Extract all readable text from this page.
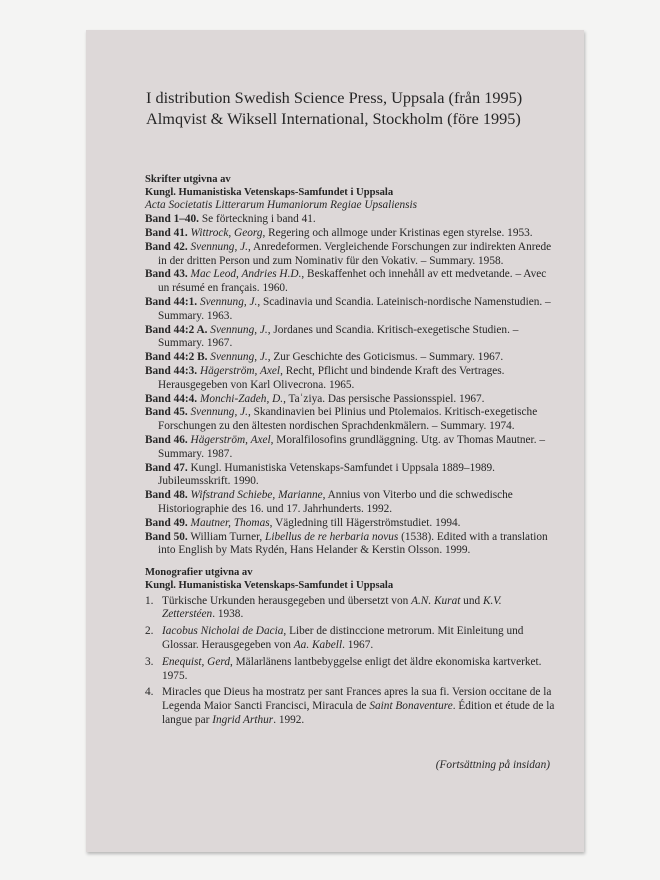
I distribution Swedish Science Press, Uppsala (från 1995)
Almqvist & Wiksell International, Stockholm (före 1995)
Skrifter utgivna av
Kungl. Humanistiska Vetenskaps-Samfundet i Uppsala
Acta Societatis Litterarum Humaniorum Regiae Upsaliensis
Band 1–40. Se förteckning i band 41.
Band 41. Wittrock, Georg, Regering och allmoge under Kristinas egen styrelse. 1953.
Band 42. Svennung, J., Anredeformen. Vergleichende Forschungen zur indirekten Anrede in der dritten Person und zum Nominativ für den Vokativ. – Summary. 1958.
Band 43. Mac Leod, Andries H.D., Beskaffenhet och innehåll av ett medvetande. – Avec un résumé en français. 1960.
Band 44:1. Svennung, J., Scadinavia und Scandia. Lateinisch-nordische Namenstudien. – Summary. 1963.
Band 44:2 A. Svennung, J., Jordanes und Scandia. Kritisch-exegetische Studien. – Summary. 1967.
Band 44:2 B. Svennung, J., Zur Geschichte des Goticismus. – Summary. 1967.
Band 44:3. Hägerström, Axel, Recht, Pflicht und bindende Kraft des Vertrages. Herausgegeben von Karl Olivecrona. 1965.
Band 44:4. Monchi-Zadeh, D., Taʿziya. Das persische Passionsspiel. 1967.
Band 45. Svennung, J., Skandinavien bei Plinius und Ptolemaios. Kritisch-exegetische Forschungen zu den ältesten nordischen Sprachdenkmälern. – Summary. 1974.
Band 46. Hägerström, Axel, Moralfilosofins grundläggning. Utg. av Thomas Mautner. – Summary. 1987.
Band 47. Kungl. Humanistiska Vetenskaps-Samfundet i Uppsala 1889–1989. Jubileumsskrift. 1990.
Band 48. Wifstrand Schiebe, Marianne, Annius von Viterbo und die schwedische Historiographie des 16. und 17. Jahrhunderts. 1992.
Band 49. Mautner, Thomas, Vägledning till Hägerströmstudiet. 1994.
Band 50. William Turner, Libellus de re herbaria novus (1538). Edited with a translation into English by Mats Rydén, Hans Helander & Kerstin Olsson. 1999.
Monografier utgivna av
Kungl. Humanistiska Vetenskaps-Samfundet i Uppsala
1. Türkische Urkunden herausgegeben und übersetzt von A.N. Kurat und K.V. Zetterstéen. 1938.
2. Iacobus Nicholai de Dacia, Liber de distinccione metrorum. Mit Einleitung und Glossar. Herausgegeben von Aa. Kabell. 1967.
3. Enequist, Gerd, Mälarlänens lantbebyggelse enligt det äldre ekonomiska kartverket. 1975.
4. Miracles que Dieus ha mostratz per sant Frances apres la sua fi. Version occitane de la Legenda Maior Sancti Francisci, Miracula de Saint Bonaventure. Édition et étude de la langue par Ingrid Arthur. 1992.
(Fortsättning på insidan)
